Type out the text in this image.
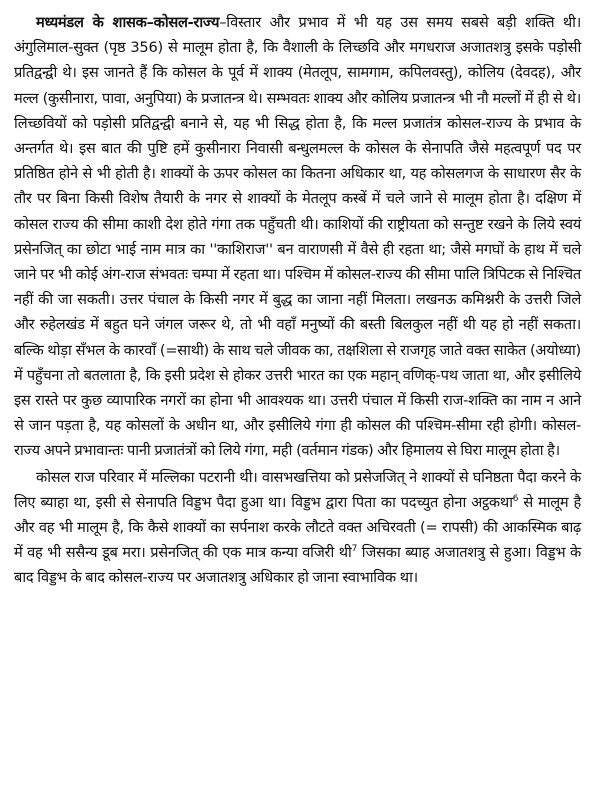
मध्यमंडल के शासक–कोसल-राज्य–विस्तार और प्रभाव में भी यह उस समय सबसे बड़ी शक्ति थी। अंगुलिमाल-सुक्त (पृष्ठ 356) से मालूम होता है, कि वैशाली के लिच्छवि और मगधराज अजातशत्रु इसके पड़ोसी प्रतिद्वन्द्वी थे। इस जानते हैं कि कोसल के पूर्व में शाक्य (मेतलूप, सामगाम, कपिलवस्तु), कोलिय (देवदह), और मल्ल (कुसीनारा, पावा, अनुपिया) के प्रजातन्त्र थे। सम्भवतः शाक्य और कोलिय प्रजातन्त्र भी नौ मल्लों में ही से थे। लिच्छवियों को पड़ोसी प्रतिद्वन्द्वी बनाने से, यह भी सिद्ध होता है, कि मल्ल प्रजातंत्र कोसल-राज्य के प्रभाव के अन्तर्गत थे। इस बात की पुष्टि हमें कुसीनारा निवासी बन्धुलमल्ल के कोसल के सेनापति जैसे महत्वपूर्ण पद पर प्रतिष्ठित होने से भी होती है। शाक्यों के ऊपर कोसल का कितना अधिकार था, यह कोसलगज के साधारण सैर के तौर पर बिना किसी विशेष तैयारी के नगर से शाक्यों के मेतलूप कस्बें में चले जाने से मालूम होता है। दक्षिण में कोसल राज्य की सीमा काशी देश होते गंगा तक पहुँचती थी। काशियों की राष्ट्रीयता को सन्तुष्ट रखने के लिये स्वयं प्रसेनजित् का छोटा भाई नाम मात्र का ''काशिराज'' बन वाराणसी में वैसे ही रहता था; जैसे मगघों के हाथ में चले जाने पर भी कोई अंग-राज संभवतः चम्पा में रहता था। पश्चिम में कोसल-राज्य की सीमा पालि त्रिपिटक से निश्चित नहीं की जा सकती। उत्तर पंचाल के किसी नगर में बुद्ध का जाना नहीं मिलता। लखनऊ कमिश्नरी के उत्तरी जिले और रुहेलखंड में बहुत घने जंगल जरूर थे, तो भी वहाँ मनुष्यों की बस्ती बिलकुल नहीं थी यह हो नहीं सकता। बल्कि थोड़ा सँभल के कारवाँ (=साथी) के साथ चले जीवक का, तक्षशिला से राजगृह जाते वक्त साकेत (अयोध्या) में पहुँचना तो बतलाता है, कि इसी प्रदेश से होकर उत्तरी भारत का एक महान् वणिक्-पथ जाता था, और इसीलिये इस रास्ते पर कुछ व्यापारिक नगरों का होना भी आवश्यक था। उत्तरी पंचाल में किसी राज-शक्ति का नाम न आने से जान पड़ता है, यह कोसलों के अधीन था, और इसीलिये गंगा ही कोसल की पश्चिम-सीमा रही होगी। कोसल-राज्य अपने प्रभावान्तः पानी प्रजातंत्रों को लिये गंगा, मही (वर्तमान गंडक) और हिमालय से घिरा मालूम होता है।

कोसल राज परिवार में मल्लिका पटरानी थी। वासभखत्तिया को प्रसेजजित् ने शाक्यों से घनिष्ठता पैदा करने के लिए ब्याहा था, इसी से सेनापति विड्डभ पैदा हुआ था। विड्डभ द्वारा पिता का पदच्युत होना अट्ठकथा$^6$ से मालूम है और वह भी मालूम है, कि कैसे शाक्यों का सर्पनाश करके लौटते वक्त अचिरवती (= रापसी) की आकस्मिक बाढ़ में वह भी ससैन्य डूब मरा। प्रसेनजित् की एक मात्र कन्या वजिरी थी$^7$ जिसका ब्याह अजातशत्रु से हुआ। विड्डभ के बाद विड्डभ के बाद कोसल-राज्य पर अजातशत्रु अधिकार हो जाना स्वाभाविक था।
